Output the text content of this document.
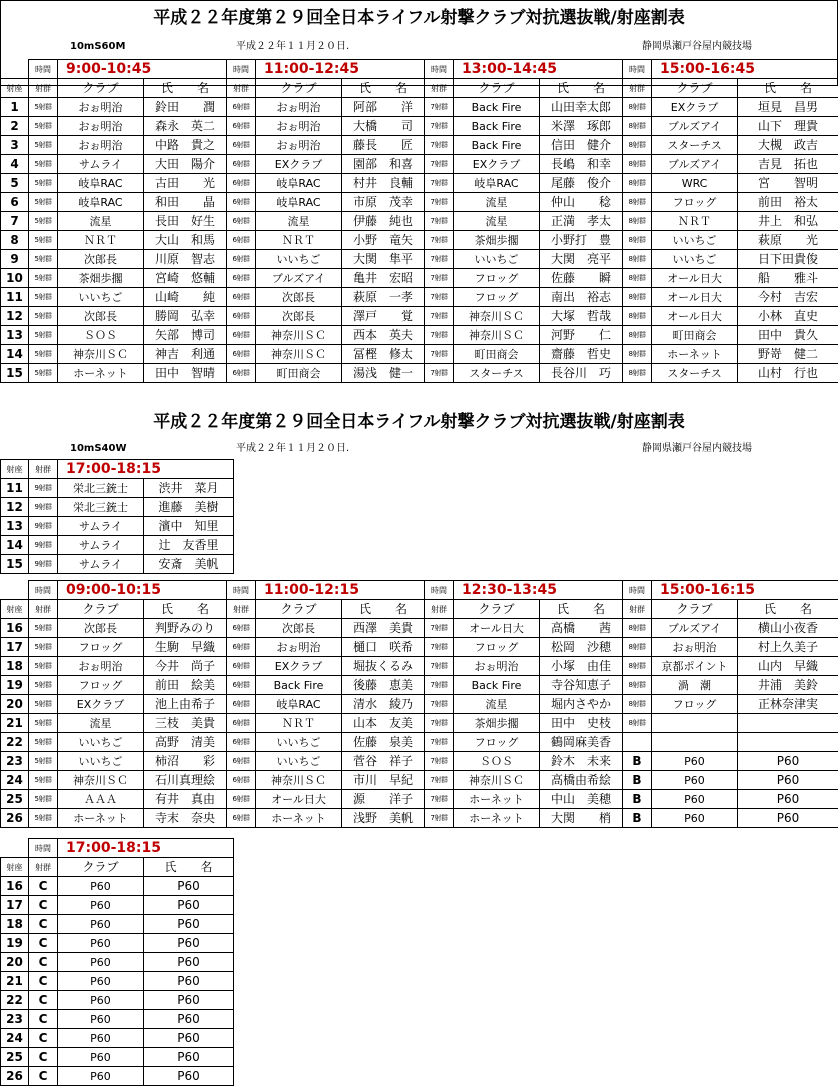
平成２２年度第２９回全日本ライフル射撃クラブ対抗選抜戦/射座割表
10mS60M	平成２２年１１月２０日.	静岡県瀬戸谷屋内競技場
	時間	9:00-10:45		時間	11:00-12:45		時間	13:00-14:45		時間	15:00-16:45	
射座	射群	クラブ	氏　　名	射群	クラブ	氏　　名	射群	クラブ	氏　　名	射群	クラブ	氏　　名
1	5射群	おぉ明治	鈴田　　潤	6射群	おぉ明治	阿部　　洋	7射群	Back Fire	山田幸太郎	8射群	EXクラブ	垣見　昌男
2	5射群	おぉ明治	森永　英二	6射群	おぉ明治	大橋　　司	7射群	Back Fire	米澤　琢郎	8射群	ブルズアイ	山下　理貴
3	5射群	おぉ明治	中路　貴之	6射群	おぉ明治	藤長　　匠	7射群	Back Fire	信田　健介	8射群	スターチス	大槻　政吉
4	5射群	サムライ	大田　陽介	6射群	EXクラブ	園部　和喜	7射群	EXクラブ	長嶋　和幸	8射群	ブルズアイ	吉見　拓也
5	5射群	岐阜RAC	古田　　光	6射群	岐阜RAC	村井　良輔	7射群	岐阜RAC	尾藤　俊介	8射群	WRC	宮　　智明
6	5射群	岐阜RAC	和田　　晶	6射群	岐阜RAC	市原　茂幸	7射群	流星	仲山　　稔	8射群	フロッグ	前田　裕太
7	5射群	流星	長田　好生	6射群	流星	伊藤　純也	7射群	流星	正満　孝太	8射群	ＮＲＴ	井上　和弘
8	5射群	ＮＲＴ	大山　和馬	6射群	ＮＲＴ	小野　竜矢	7射群	茶畑歩擱	小野打　豊	8射群	いいちご	萩原　　光
9	5射群	次郎長	川原　智志	6射群	いいちご	大関　隼平	7射群	いいちご	大関　亮平	8射群	いいちご	日下田貴俊
10	5射群	茶畑歩擱	宮崎　悠輔	6射群	ブルズアイ	亀井　宏昭	7射群	フロッグ	佐藤　　瞬	8射群	オール日大	船　　雅斗
11	5射群	いいちご	山崎　　純	6射群	次郎長	萩原　一孝	7射群	フロッグ	南出　裕志	8射群	オール日大	今村　吉宏
12	5射群	次郎長	勝岡　弘幸	6射群	次郎長	澤戸　　覚	7射群	神奈川ＳＣ	大塚　哲哉	8射群	オール日大	小林　直史
13	5射群	ＳＯＳ	矢部　博司	6射群	神奈川ＳＣ	西本　英夫	7射群	神奈川ＳＣ	河野　　仁	8射群	町田商会	田中　貴久
14	5射群	神奈川ＳＣ	神吉　利通	6射群	神奈川ＳＣ	冨樫　修太	7射群	町田商会	齋藤　哲史	8射群	ホーネット	野嵜　健二
15	5射群	ホーネット	田中　智晴	6射群	町田商会	湯浅　健一	7射群	スターチス	長谷川　巧	8射群	スターチス	山村　行也
平成２２年度第２９回全日本ライフル射撃クラブ対抗選抜戦/射座割表
10mS40W	平成２２年１１月２０日.	静岡県瀬戸谷屋内競技場
射座	射群	17:00-18:15	
11	9射群	栄北三銃士	渋井　菜月
12	9射群	栄北三銃士	進藤　美樹
13	9射群	サムライ	濱中　知里
14	9射群	サムライ	辻　友香里
15	9射群	サムライ	安斎　美帆
	時間	09:00-10:15		時間	11:00-12:15		時間	12:30-13:45		時間	15:00-16:15	
射座	射群	クラブ	氏　　名	射群	クラブ	氏　　名	射群	クラブ	氏　　名	射群	クラブ	氏　　名
16	5射群	次郎長	判野みのり	6射群	次郎長	西澤　美貴	7射群	オール日大	高橋　　茜	8射群	ブルズアイ	横山小夜香
17	5射群	フロッグ	生駒　早織	6射群	おぉ明治	樋口　咲希	7射群	フロッグ	松岡　沙穂	8射群	おぉ明治	村上久美子
18	5射群	おぉ明治	今井　尚子	6射群	EXクラブ	堀抜くるみ	7射群	おぉ明治	小塚　由佳	8射群	京都ポイント	山内　早織
19	5射群	フロッグ	前田　絵美	6射群	Back Fire	後藤　恵美	7射群	Back Fire	寺谷知恵子	8射群	渦　潮	井浦　美鈴
20	5射群	EXクラブ	池上由希子	6射群	岐阜RAC	清水　綾乃	7射群	流星	堀内さやか	8射群	フロッグ	正林奈津実
21	5射群	流星	三枝　美貴	6射群	ＮＲＴ	山本　友美	7射群	茶畑歩擱	田中　史枝	8射群		
22	5射群	いいちご	高野　清美	6射群	いいちご	佐藤　泉美	7射群	フロッグ	鶴岡麻美香			
23	5射群	いいちご	柿沼　　彩	6射群	いいちご	菅谷　祥子	7射群	ＳＯＳ	鈴木　未来	B	P60	P60
24	5射群	神奈川ＳＣ	石川真理絵	6射群	神奈川ＳＣ	市川　早紀	7射群	神奈川ＳＣ	高橋由希絵	B	P60	P60
25	5射群	ＡＡＡ	有井　真由	6射群	オール日大	源　　洋子	7射群	ホーネット	中山　美穂	B	P60	P60
26	5射群	ホーネット	寺末　奈央	6射群	ホーネット	浅野　美帆	7射群	ホーネット	大関　　梢	B	P60	P60
	時間	17:00-18:15	
射座	射群	クラブ	氏　　名
16	C	P60	P60
17	C	P60	P60
18	C	P60	P60
19	C	P60	P60
20	C	P60	P60
21	C	P60	P60
22	C	P60	P60
23	C	P60	P60
24	C	P60	P60
25	C	P60	P60
26	C	P60	P60
